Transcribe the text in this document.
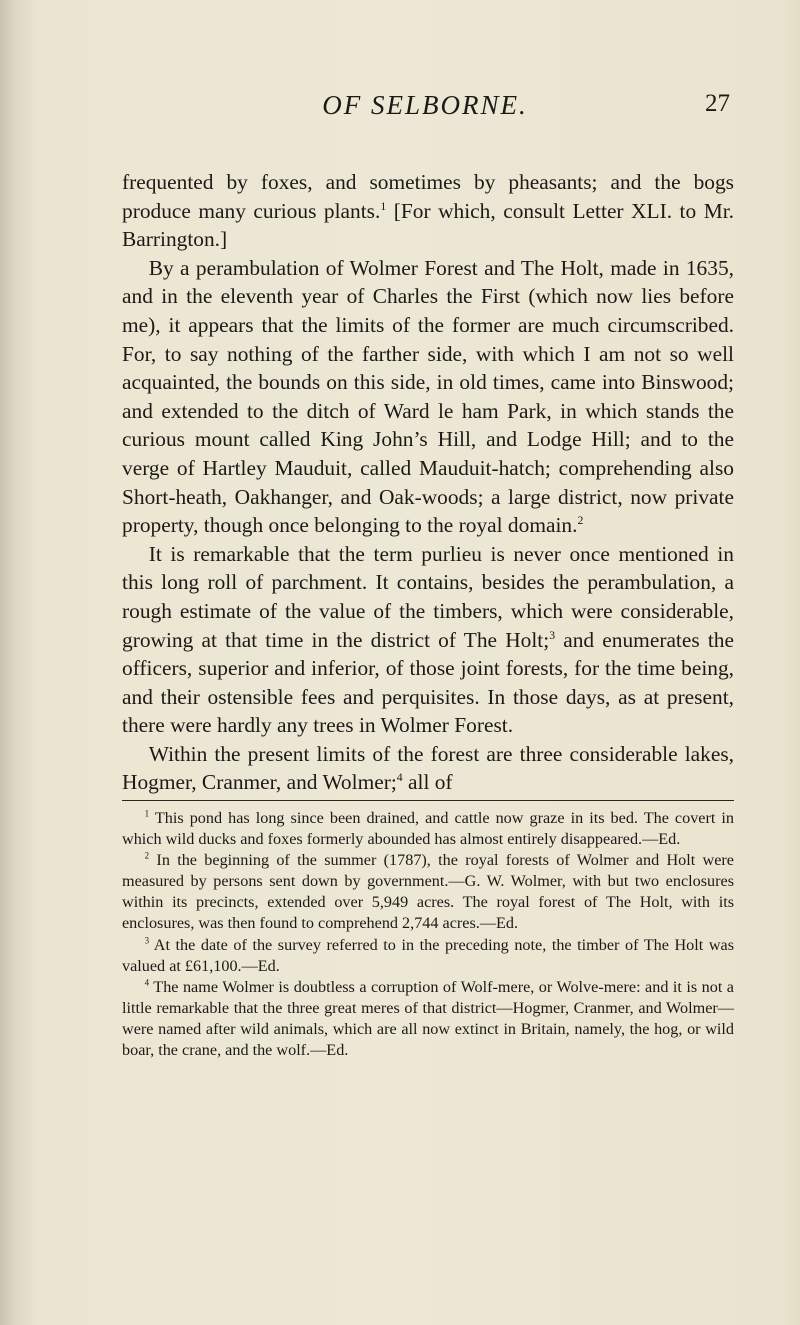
OF SELBORNE.	27

frequented by foxes, and sometimes by pheasants; and the bogs produce many curious plants.$^1$ [For which, consult Letter XLI. to Mr. Barrington.]

By a perambulation of Wolmer Forest and The Holt, made in 1635, and in the eleventh year of Charles the First (which now lies before me), it appears that the limits of the former are much circumscribed. For, to say nothing of the farther side, with which I am not so well acquainted, the bounds on this side, in old times, came into Binswood; and extended to the ditch of Ward le ham Park, in which stands the curious mount called King John’s Hill, and Lodge Hill; and to the verge of Hartley Mauduit, called Mauduit-hatch; comprehending also Short-heath, Oakhanger, and Oak-woods; a large district, now private property, though once belonging to the royal domain.$^2$

It is remarkable that the term purlieu is never once mentioned in this long roll of parchment. It contains, besides the perambulation, a rough estimate of the value of the timbers, which were considerable, growing at that time in the district of The Holt;$^3$ and enumerates the officers, superior and inferior, of those joint forests, for the time being, and their ostensible fees and perquisites. In those days, as at present, there were hardly any trees in Wolmer Forest.

Within the present limits of the forest are three considerable lakes, Hogmer, Cranmer, and Wolmer;$^4$ all of

$^1$ This pond has long since been drained, and cattle now graze in its bed. The covert in which wild ducks and foxes formerly abounded has almost entirely disappeared.—Ed.

$^2$ In the beginning of the summer (1787), the royal forests of Wolmer and Holt were measured by persons sent down by government.—G. W. Wolmer, with but two enclosures within its precincts, extended over 5,949 acres. The royal forest of The Holt, with its enclosures, was then found to comprehend 2,744 acres.—Ed.

$^3$ At the date of the survey referred to in the preceding note, the timber of The Holt was valued at £61,100.—Ed.

$^4$ The name Wolmer is doubtless a corruption of Wolf-mere, or Wolve-mere: and it is not a little remarkable that the three great meres of that district—Hogmer, Cranmer, and Wolmer—were named after wild animals, which are all now extinct in Britain, namely, the hog, or wild boar, the crane, and the wolf.—Ed.
